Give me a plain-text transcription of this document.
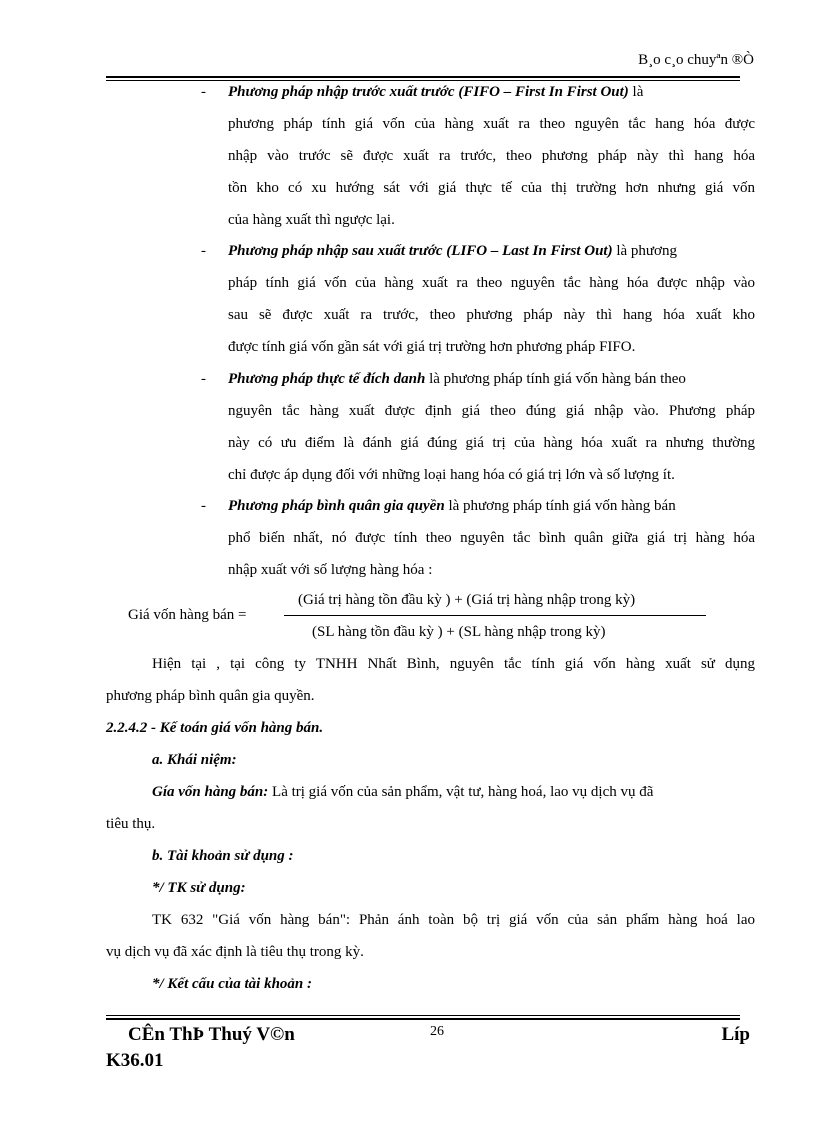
B¸o c¸o chuyªn ®Ò
- Phương pháp nhập trước xuất trước (FIFO – First In First Out) là
phương pháp tính giá vốn của hàng xuất ra theo nguyên tắc hang hóa được
nhập vào trước sẽ được xuất ra trước, theo phương pháp này thì hang hóa
tồn kho có xu hướng sát với giá thực tế của thị trường hơn nhưng giá vốn
của hàng xuất thì ngược lại.
- Phương pháp nhập sau xuất trước (LIFO – Last In First Out) là phương
pháp tính giá vốn của hàng xuất ra theo nguyên tắc hàng hóa được nhập vào
sau sẽ được xuất ra trước, theo phương pháp này thì hang hóa xuất kho
được tính giá vốn gần sát với giá trị trường hơn phương pháp FIFO.
- Phương pháp thực tế đích danh là phương pháp tính giá vốn hàng bán theo
nguyên tắc hàng xuất được định giá theo đúng giá nhập vào. Phương pháp
này có ưu điểm là đánh giá đúng giá trị của hàng hóa xuất ra nhưng thường
chỉ được áp dụng đối với những loại hang hóa có giá trị lớn và số lượng ít.
- Phương pháp bình quân gia quyền là phương pháp tính giá vốn hàng bán
phổ biến nhất, nó được tính theo nguyên tắc bình quân giữa giá trị hàng hóa
nhập xuất với số lượng hàng hóa :
Giá vốn hàng bán =
(Giá trị hàng tồn đầu kỳ ) + (Giá trị hàng nhập trong kỳ)
(SL hàng tồn đầu kỳ ) + (SL hàng nhập trong kỳ)
Hiện tại , tại công ty TNHH Nhất Bình, nguyên tắc tính giá vốn hàng xuất sử dụng
phương pháp bình quân gia quyền.
2.2.4.2 - Kế toán giá vốn hàng bán.
a. Khái niệm:
Gía vốn hàng bán: Là trị giá vốn của sản phẩm, vật tư, hàng hoá, lao vụ dịch vụ đã
tiêu thụ.
b. Tài khoản sử dụng :
*/ TK sử dụng:
TK 632 "Giá vốn hàng bán": Phản ánh toàn bộ trị giá vốn của sản phẩm hàng hoá lao
vụ dịch vụ đã xác định là tiêu thụ trong kỳ.
*/ Kết cấu của tài khoản :
26
CÊn ThÞ Thuý V©n	Líp
K36.01
